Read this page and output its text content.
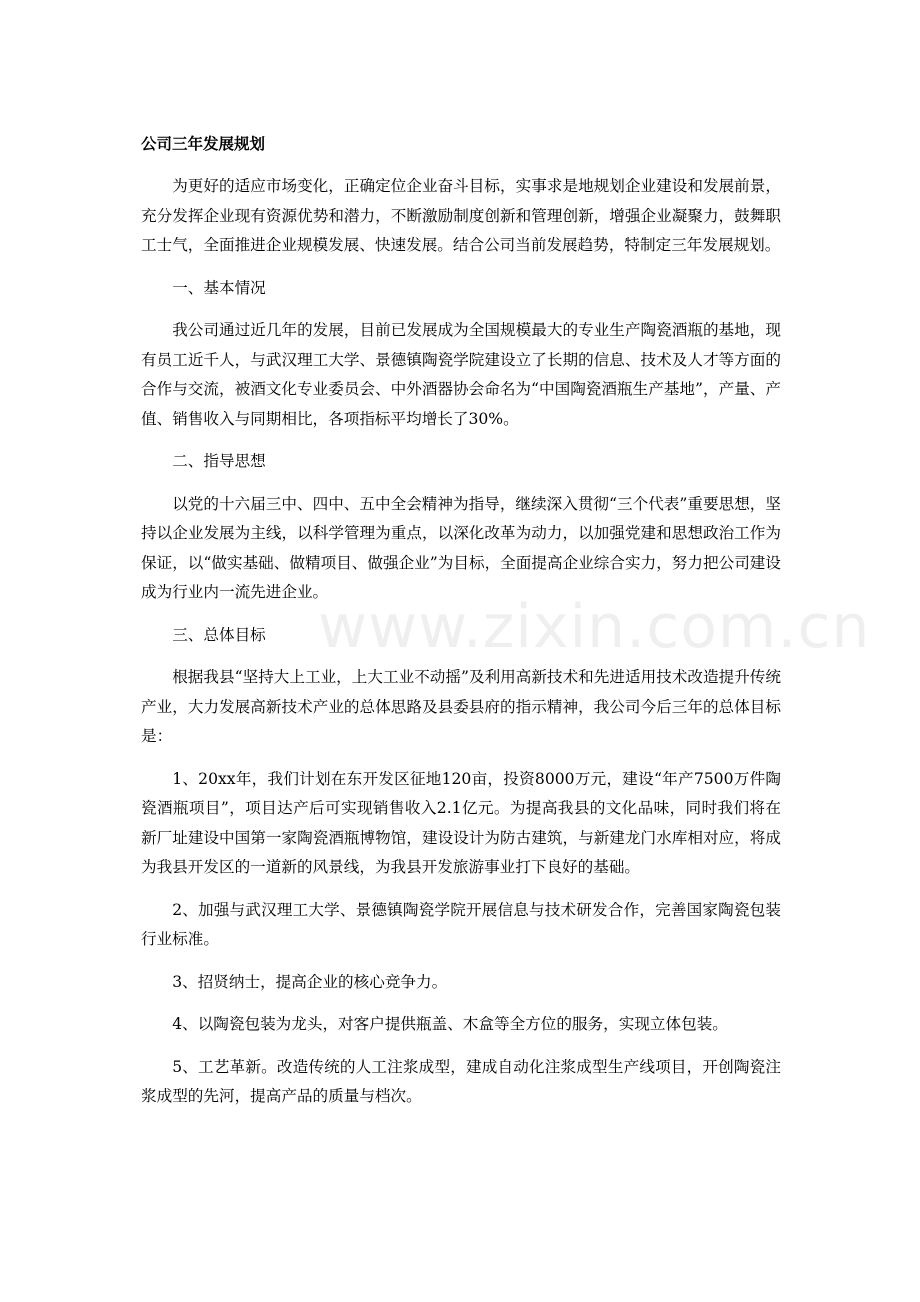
公司三年发展规划

为更好的适应市场变化，正确定位企业奋斗目标，实事求是地规划企业建设和发展前景，充分发挥企业现有资源优势和潜力，不断激励制度创新和管理创新，增强企业凝聚力，鼓舞职工士气，全面推进企业规模发展、快速发展。结合公司当前发展趋势，特制定三年发展规划。

一、基本情况

我公司通过近几年的发展，目前已发展成为全国规模最大的专业生产陶瓷酒瓶的基地，现有员工近千人，与武汉理工大学、景德镇陶瓷学院建设立了长期的信息、技术及人才等方面的合作与交流，被酒文化专业委员会、中外酒器协会命名为“中国陶瓷酒瓶生产基地”，产量、产值、销售收入与同期相比，各项指标平均增长了30%。

二、指导思想

以党的十六届三中、四中、五中全会精神为指导，继续深入贯彻“三个代表”重要思想，坚持以企业发展为主线，以科学管理为重点，以深化改革为动力，以加强党建和思想政治工作为保证，以“做实基础、做精项目、做强企业”为目标，全面提高企业综合实力，努力把公司建设成为行业内一流先进企业。

三、总体目标

根据我县“坚持大上工业，上大工业不动摇”及利用高新技术和先进适用技术改造提升传统产业，大力发展高新技术产业的总体思路及县委县府的指示精神，我公司今后三年的总体目标是：

1、20xx年，我们计划在东开发区征地120亩，投资8000万元，建设“年产7500万件陶瓷酒瓶项目”，项目达产后可实现销售收入2.1亿元。为提高我县的文化品味，同时我们将在新厂址建设中国第一家陶瓷酒瓶博物馆，建设设计为防古建筑，与新建龙门水库相对应，将成为我县开发区的一道新的风景线，为我县开发旅游事业打下良好的基础。

2、加强与武汉理工大学、景德镇陶瓷学院开展信息与技术研发合作，完善国家陶瓷包装行业标准。

3、招贤纳士，提高企业的核心竞争力。

4、以陶瓷包装为龙头，对客户提供瓶盖、木盒等全方位的服务，实现立体包装。

5、工艺革新。改造传统的人工注浆成型，建成自动化注浆成型生产线项目，开创陶瓷注浆成型的先河，提高产品的质量与档次。

www.zixin.com.cn
